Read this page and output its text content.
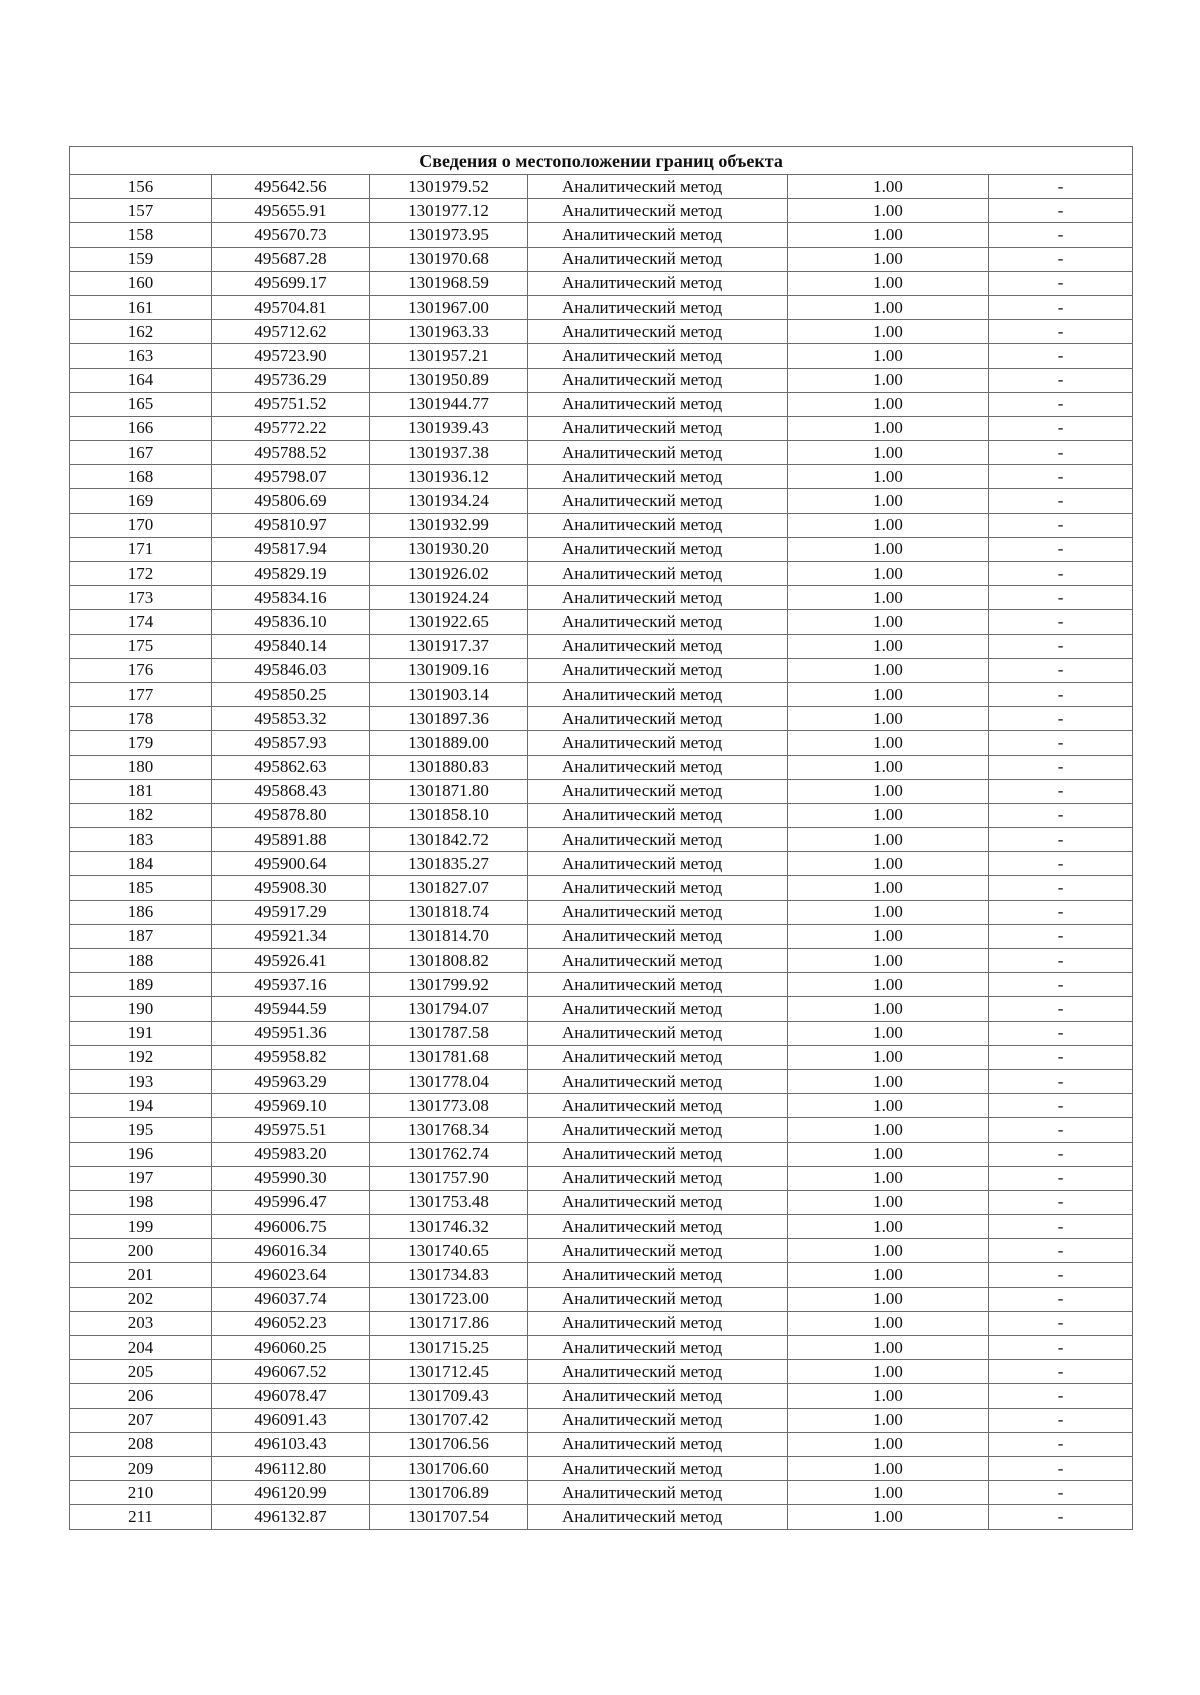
Сведения о местоположении границ объекта					
156	495642.56	1301979.52	Аналитический метод	1.00	-
157	495655.91	1301977.12	Аналитический метод	1.00	-
158	495670.73	1301973.95	Аналитический метод	1.00	-
159	495687.28	1301970.68	Аналитический метод	1.00	-
160	495699.17	1301968.59	Аналитический метод	1.00	-
161	495704.81	1301967.00	Аналитический метод	1.00	-
162	495712.62	1301963.33	Аналитический метод	1.00	-
163	495723.90	1301957.21	Аналитический метод	1.00	-
164	495736.29	1301950.89	Аналитический метод	1.00	-
165	495751.52	1301944.77	Аналитический метод	1.00	-
166	495772.22	1301939.43	Аналитический метод	1.00	-
167	495788.52	1301937.38	Аналитический метод	1.00	-
168	495798.07	1301936.12	Аналитический метод	1.00	-
169	495806.69	1301934.24	Аналитический метод	1.00	-
170	495810.97	1301932.99	Аналитический метод	1.00	-
171	495817.94	1301930.20	Аналитический метод	1.00	-
172	495829.19	1301926.02	Аналитический метод	1.00	-
173	495834.16	1301924.24	Аналитический метод	1.00	-
174	495836.10	1301922.65	Аналитический метод	1.00	-
175	495840.14	1301917.37	Аналитический метод	1.00	-
176	495846.03	1301909.16	Аналитический метод	1.00	-
177	495850.25	1301903.14	Аналитический метод	1.00	-
178	495853.32	1301897.36	Аналитический метод	1.00	-
179	495857.93	1301889.00	Аналитический метод	1.00	-
180	495862.63	1301880.83	Аналитический метод	1.00	-
181	495868.43	1301871.80	Аналитический метод	1.00	-
182	495878.80	1301858.10	Аналитический метод	1.00	-
183	495891.88	1301842.72	Аналитический метод	1.00	-
184	495900.64	1301835.27	Аналитический метод	1.00	-
185	495908.30	1301827.07	Аналитический метод	1.00	-
186	495917.29	1301818.74	Аналитический метод	1.00	-
187	495921.34	1301814.70	Аналитический метод	1.00	-
188	495926.41	1301808.82	Аналитический метод	1.00	-
189	495937.16	1301799.92	Аналитический метод	1.00	-
190	495944.59	1301794.07	Аналитический метод	1.00	-
191	495951.36	1301787.58	Аналитический метод	1.00	-
192	495958.82	1301781.68	Аналитический метод	1.00	-
193	495963.29	1301778.04	Аналитический метод	1.00	-
194	495969.10	1301773.08	Аналитический метод	1.00	-
195	495975.51	1301768.34	Аналитический метод	1.00	-
196	495983.20	1301762.74	Аналитический метод	1.00	-
197	495990.30	1301757.90	Аналитический метод	1.00	-
198	495996.47	1301753.48	Аналитический метод	1.00	-
199	496006.75	1301746.32	Аналитический метод	1.00	-
200	496016.34	1301740.65	Аналитический метод	1.00	-
201	496023.64	1301734.83	Аналитический метод	1.00	-
202	496037.74	1301723.00	Аналитический метод	1.00	-
203	496052.23	1301717.86	Аналитический метод	1.00	-
204	496060.25	1301715.25	Аналитический метод	1.00	-
205	496067.52	1301712.45	Аналитический метод	1.00	-
206	496078.47	1301709.43	Аналитический метод	1.00	-
207	496091.43	1301707.42	Аналитический метод	1.00	-
208	496103.43	1301706.56	Аналитический метод	1.00	-
209	496112.80	1301706.60	Аналитический метод	1.00	-
210	496120.99	1301706.89	Аналитический метод	1.00	-
211	496132.87	1301707.54	Аналитический метод	1.00	-
